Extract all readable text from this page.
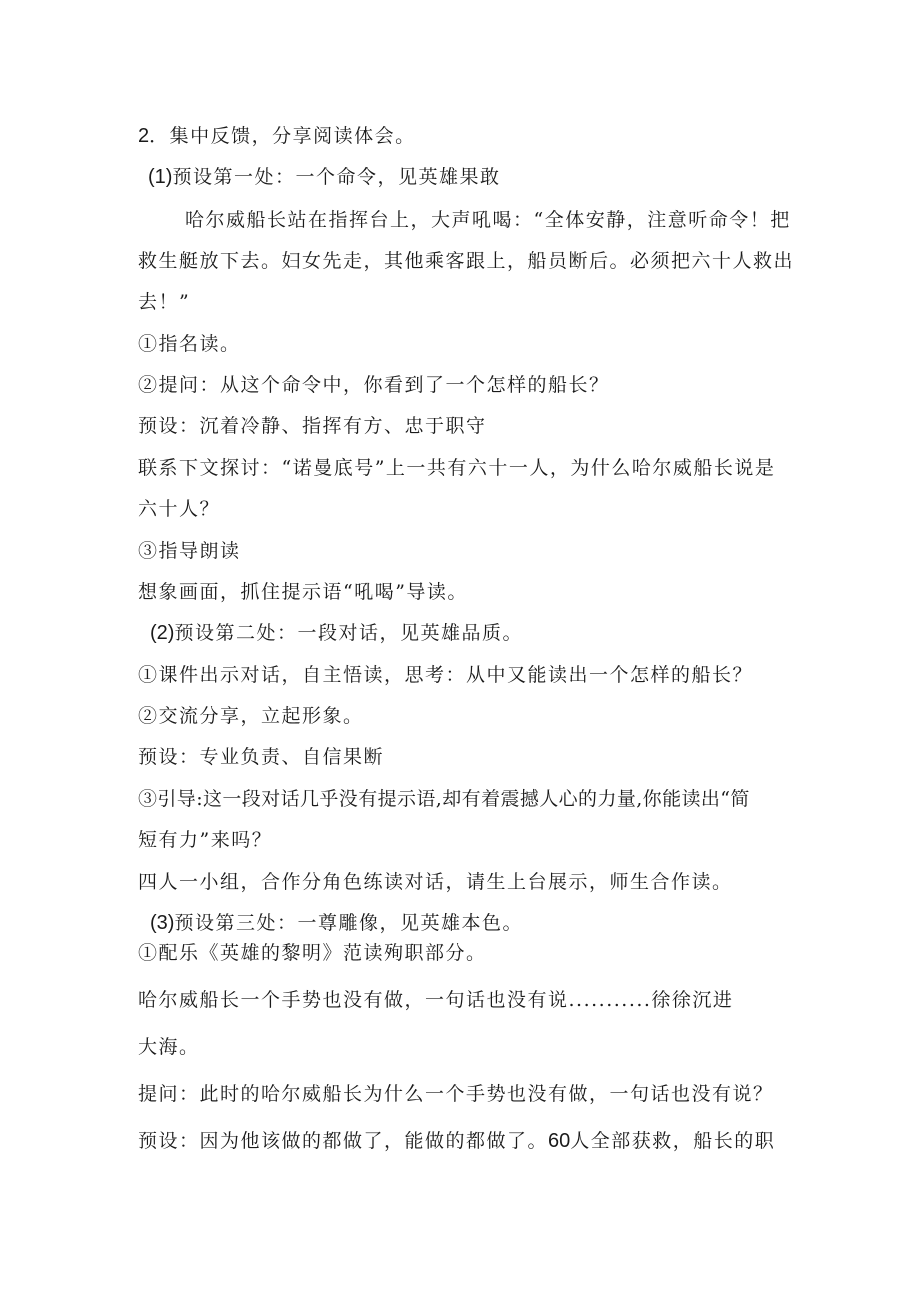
2．集中反馈，分享阅读体会。
(1)预设第一处：一个命令，见英雄果敢
哈尔威船长站在指挥台上，大声吼喝：“全体安静，注意听命令！把
救生艇放下去。妇女先走，其他乘客跟上，船员断后。必须把六十人救出
去！”
①指名读。
②提问：从这个命令中，你看到了一个怎样的船长？
预设：沉着冷静、指挥有方、忠于职守
联系下文探讨：“诺曼底号”上一共有六十一人，为什么哈尔威船长说是
六十人？
③指导朗读
想象画面，抓住提示语“吼喝”导读。
(2)预设第二处：一段对话，见英雄品质。
①课件出示对话，自主悟读，思考：从中又能读出一个怎样的船长？
②交流分享，立起形象。
预设：专业负责、自信果断
③引导:这一段对话几乎没有提示语,却有着震撼人心的力量,你能读出“简
短有力”来吗？
四人一小组，合作分角色练读对话，请生上台展示，师生合作读。
(3)预设第三处：一尊雕像，见英雄本色。
①配乐《英雄的黎明》范读殉职部分。
哈尔威船长一个手势也没有做，一句话也没有说...........徐徐沉进
大海。
提问：此时的哈尔威船长为什么一个手势也没有做，一句话也没有说？
预设：因为他该做的都做了，能做的都做了。60人全部获救，船长的职
